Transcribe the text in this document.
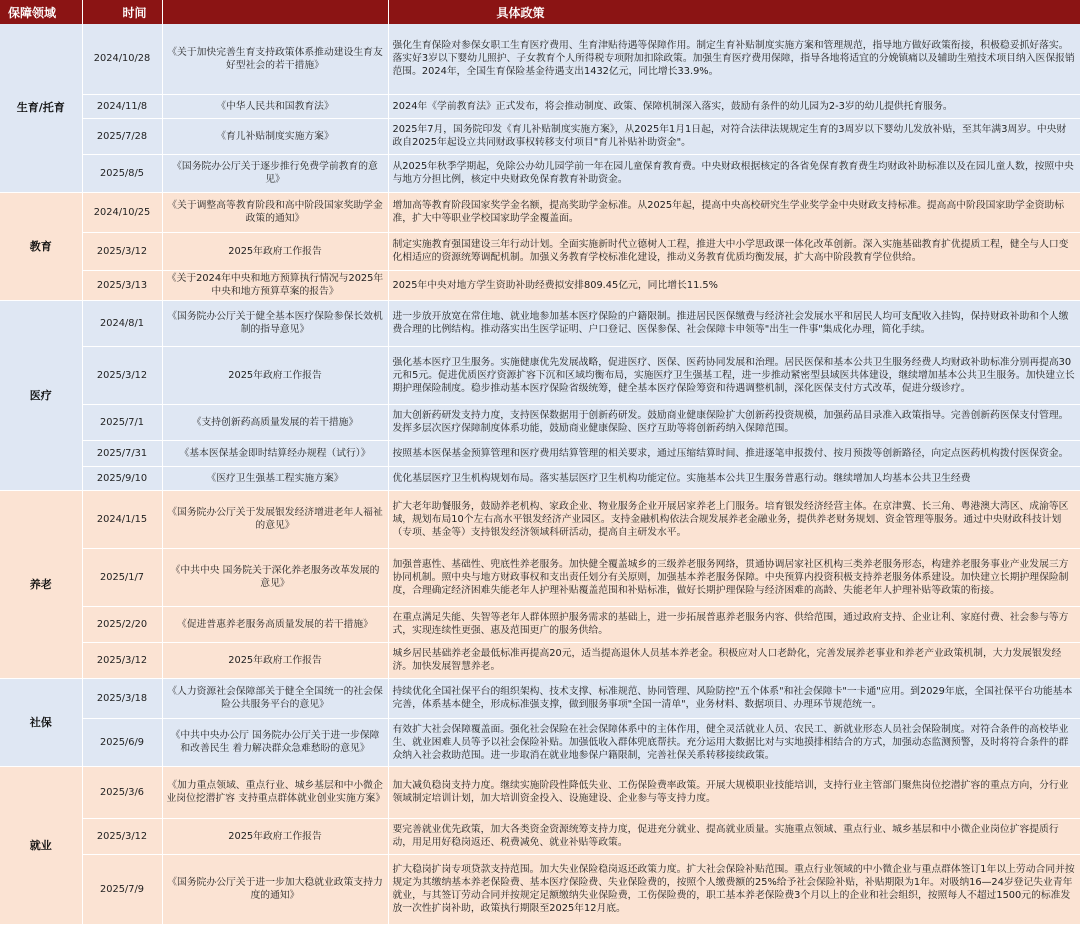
保障领域	时间		具体政策
生育/托育	2024/10/28	《关于加快完善生育支持政策体系推动建设生育友好型社会的若干措施》	强化生育保险对参保女职工生育医疗费用、生育津贴待遇等保障作用。制定生育补贴制度实施方案和管理规范，指导地方做好政策衔接，积极稳妥抓好落实。落实好3岁以下婴幼儿照护、子女教育个人所得税专项附加扣除政策。加强生育医疗费用保障，指导各地将适宜的分娩镇痛以及辅助生殖技术项目纳入医保报销范围。2024年，全国生育保险基金待遇支出1432亿元，同比增长33.9%。
	2024/11/8	《中华人民共和国教育法》	2024年《学前教育法》正式发布，将会推动制度、政策、保障机制深入落实，鼓励有条件的幼儿园为2-3岁的幼儿提供托育服务。
	2025/7/28	《育儿补贴制度实施方案》	2025年7月，国务院印发《育儿补贴制度实施方案》，从2025年1月1日起，对符合法律法规规定生育的3周岁以下婴幼儿发放补贴，至其年满3周岁。中央财政自2025年起设立共同财政事权转移支付项目"育儿补贴补助资金"。
	2025/8/5	《国务院办公厅关于逐步推行免费学前教育的意见》	从2025年秋季学期起，免除公办幼儿园学前一年在园儿童保育教育费。中央财政根据核定的各省免保育教育费生均财政补助标准以及在园儿童人数，按照中央与地方分担比例，核定中央财政免保育教育补助资金。
教育	2024/10/25	《关于调整高等教育阶段和高中阶段国家奖助学金政策的通知》	增加高等教育阶段国家奖学金名额，提高奖助学金标准。从2025年起，提高中央高校研究生学业奖学金中央财政支持标准。提高高中阶段国家助学金资助标准，扩大中等职业学校国家助学金覆盖面。
	2025/3/12	2025年政府工作报告	制定实施教育强国建设三年行动计划。全面实施新时代立德树人工程，推进大中小学思政课一体化改革创新。深入实施基础教育扩优提质工程，健全与人口变化相适应的资源统筹调配机制。加强义务教育学校标准化建设，推动义务教育优质均衡发展，扩大高中阶段教育学位供给。
	2025/3/13	《关于2024年中央和地方预算执行情况与2025年中央和地方预算草案的报告》	2025年中央对地方学生资助补助经费拟安排809.45亿元，同比增长11.5%
医疗	2024/8/1	《国务院办公厅关于健全基本医疗保险参保长效机制的指导意见》	进一步放开放宽在常住地、就业地参加基本医疗保险的户籍限制。推进居民医保缴费与经济社会发展水平和居民人均可支配收入挂钩，保持财政补助和个人缴费合理的比例结构。推动落实出生医学证明、户口登记、医保参保、社会保障卡申领等"出生一件事"集成化办理，简化手续。
	2025/3/12	2025年政府工作报告	强化基本医疗卫生服务。实施健康优先发展战略，促进医疗、医保、医药协同发展和治理。居民医保和基本公共卫生服务经费人均财政补助标准分别再提高30元和5元。促进优质医疗资源扩容下沉和区域均衡布局，实施医疗卫生强基工程，进一步推动紧密型县域医共体建设，继续增加基本公共卫生服务。加快建立长期护理保险制度。稳步推动基本医疗保险省级统筹，健全基本医疗保险筹资和待遇调整机制，深化医保支付方式改革，促进分级诊疗。
	2025/7/1	《支持创新药高质量发展的若干措施》	加大创新药研发支持力度，支持医保数据用于创新药研发。鼓励商业健康保险扩大创新药投资规模，加强药品目录准入政策指导。完善创新药医保支付管理。发挥多层次医疗保障制度体系功能，鼓励商业健康保险、医疗互助等将创新药纳入保障范围。
	2025/7/31	《基本医保基金即时结算经办规程（试行）》	按照基本医保基金预算管理和医疗费用结算管理的相关要求，通过压缩结算时间、推进逐笔申报拨付、按月预拨等创新路径，向定点医药机构拨付医保资金。
	2025/9/10	《医疗卫生强基工程实施方案》	优化基层医疗卫生机构规划布局。落实基层医疗卫生机构功能定位。实施基本公共卫生服务普惠行动。继续增加人均基本公共卫生经费
养老	2024/1/15	《国务院办公厅关于发展银发经济增进老年人福祉的意见》	扩大老年助餐服务，鼓励养老机构、家政企业、物业服务企业开展居家养老上门服务。培育银发经济经营主体。在京津冀、长三角、粤港澳大湾区、成渝等区域，规划布局10个左右高水平银发经济产业园区。支持金融机构依法合规发展养老金融业务，提供养老财务规划、资金管理等服务。通过中央财政科技计划（专项、基金等）支持银发经济领域科研活动，提高自主研发水平。
	2025/1/7	《中共中央 国务院关于深化养老服务改革发展的意见》	加强普惠性、基础性、兜底性养老服务。加快健全覆盖城乡的三级养老服务网络，贯通协调居家社区机构三类养老服务形态，构建养老服务事业产业发展三方协同机制。照中央与地方财政事权和支出责任划分有关原则，加强基本养老服务保障。中央预算内投资积极支持养老服务体系建设。加快建立长期护理保险制度，合理确定经济困难失能老年人护理补贴覆盖范围和补贴标准，做好长期护理保险与经济困难的高龄、失能老年人护理补贴等政策的衔接。
	2025/2/20	《促进普惠养老服务高质量发展的若干措施》	在重点满足失能、失智等老年人群体照护服务需求的基础上，进一步拓展普惠养老服务内容、供给范围，通过政府支持、企业让利、家庭付费、社会参与等方式，实现连续性更强、惠及范围更广的服务供给。
	2025/3/12	2025年政府工作报告	城乡居民基础养老金最低标准再提高20元，适当提高退休人员基本养老金。积极应对人口老龄化，完善发展养老事业和养老产业政策机制，大力发展银发经济。加快发展智慧养老。
社保	2025/3/18	《人力资源社会保障部关于健全全国统一的社会保险公共服务平台的意见》	持续优化全国社保平台的组织架构、技术支撑、标准规范、协同管理、风险防控"五个体系"和社会保障卡"一卡通"应用。到2029年底，全国社保平台功能基本完善，体系基本健全，形成标准强支撑，做到服务事项"全国一清单"，业务材料、数据项目、办理环节规范统一。
	2025/6/9	《中共中央办公厅 国务院办公厅关于进一步保障和改善民生 着力解决群众急难愁盼的意见》	有效扩大社会保障覆盖面。强化社会保险在社会保障体系中的主体作用，健全灵活就业人员、农民工、新就业形态人员社会保险制度。对符合条件的高校毕业生、就业困难人员等予以社会保险补贴。加强低收入群体兜底帮扶。充分运用大数据比对与实地摸排相结合的方式，加强动态监测预警，及时将符合条件的群众纳入社会救助范围。进一步取消在就业地参保户籍限制，完善社保关系转移接续政策。
就业	2025/3/6	《加力重点领域、重点行业、城乡基层和中小微企业岗位挖潜扩容 支持重点群体就业创业实施方案》	加大减负稳岗支持力度。继续实施阶段性降低失业、工伤保险费率政策。开展大规模职业技能培训，支持行业主管部门聚焦岗位挖潜扩容的重点方向，分行业领域制定培训计划，加大培训资金投入、设施建设、企业参与等支持力度。
	2025/3/12	2025年政府工作报告	要完善就业优先政策，加大各类资金资源统筹支持力度，促进充分就业、提高就业质量。实施重点领域、重点行业、城乡基层和中小微企业岗位扩容提质行动，用足用好稳岗返还、税费减免、就业补贴等政策。
	2025/7/9	《国务院办公厅关于进一步加大稳就业政策支持力度的通知》	扩大稳岗扩岗专项贷款支持范围。加大失业保险稳岗返还政策力度。扩大社会保险补贴范围。重点行业领域的中小微企业与重点群体签订1年以上劳动合同并按规定为其缴纳基本养老保险费、基本医疗保险费、失业保险费的，按照个人缴费额的25%给予社会保险补贴，补贴期限为1年。对吸纳16—24岁登记失业青年就业，与其签订劳动合同并按规定足额缴纳失业保险费，工伤保险费的，职工基本养老保险费3个月以上的企业和社会组织，按照每人不超过1500元的标准发放一次性扩岗补助，政策执行期限至2025年12月底。
